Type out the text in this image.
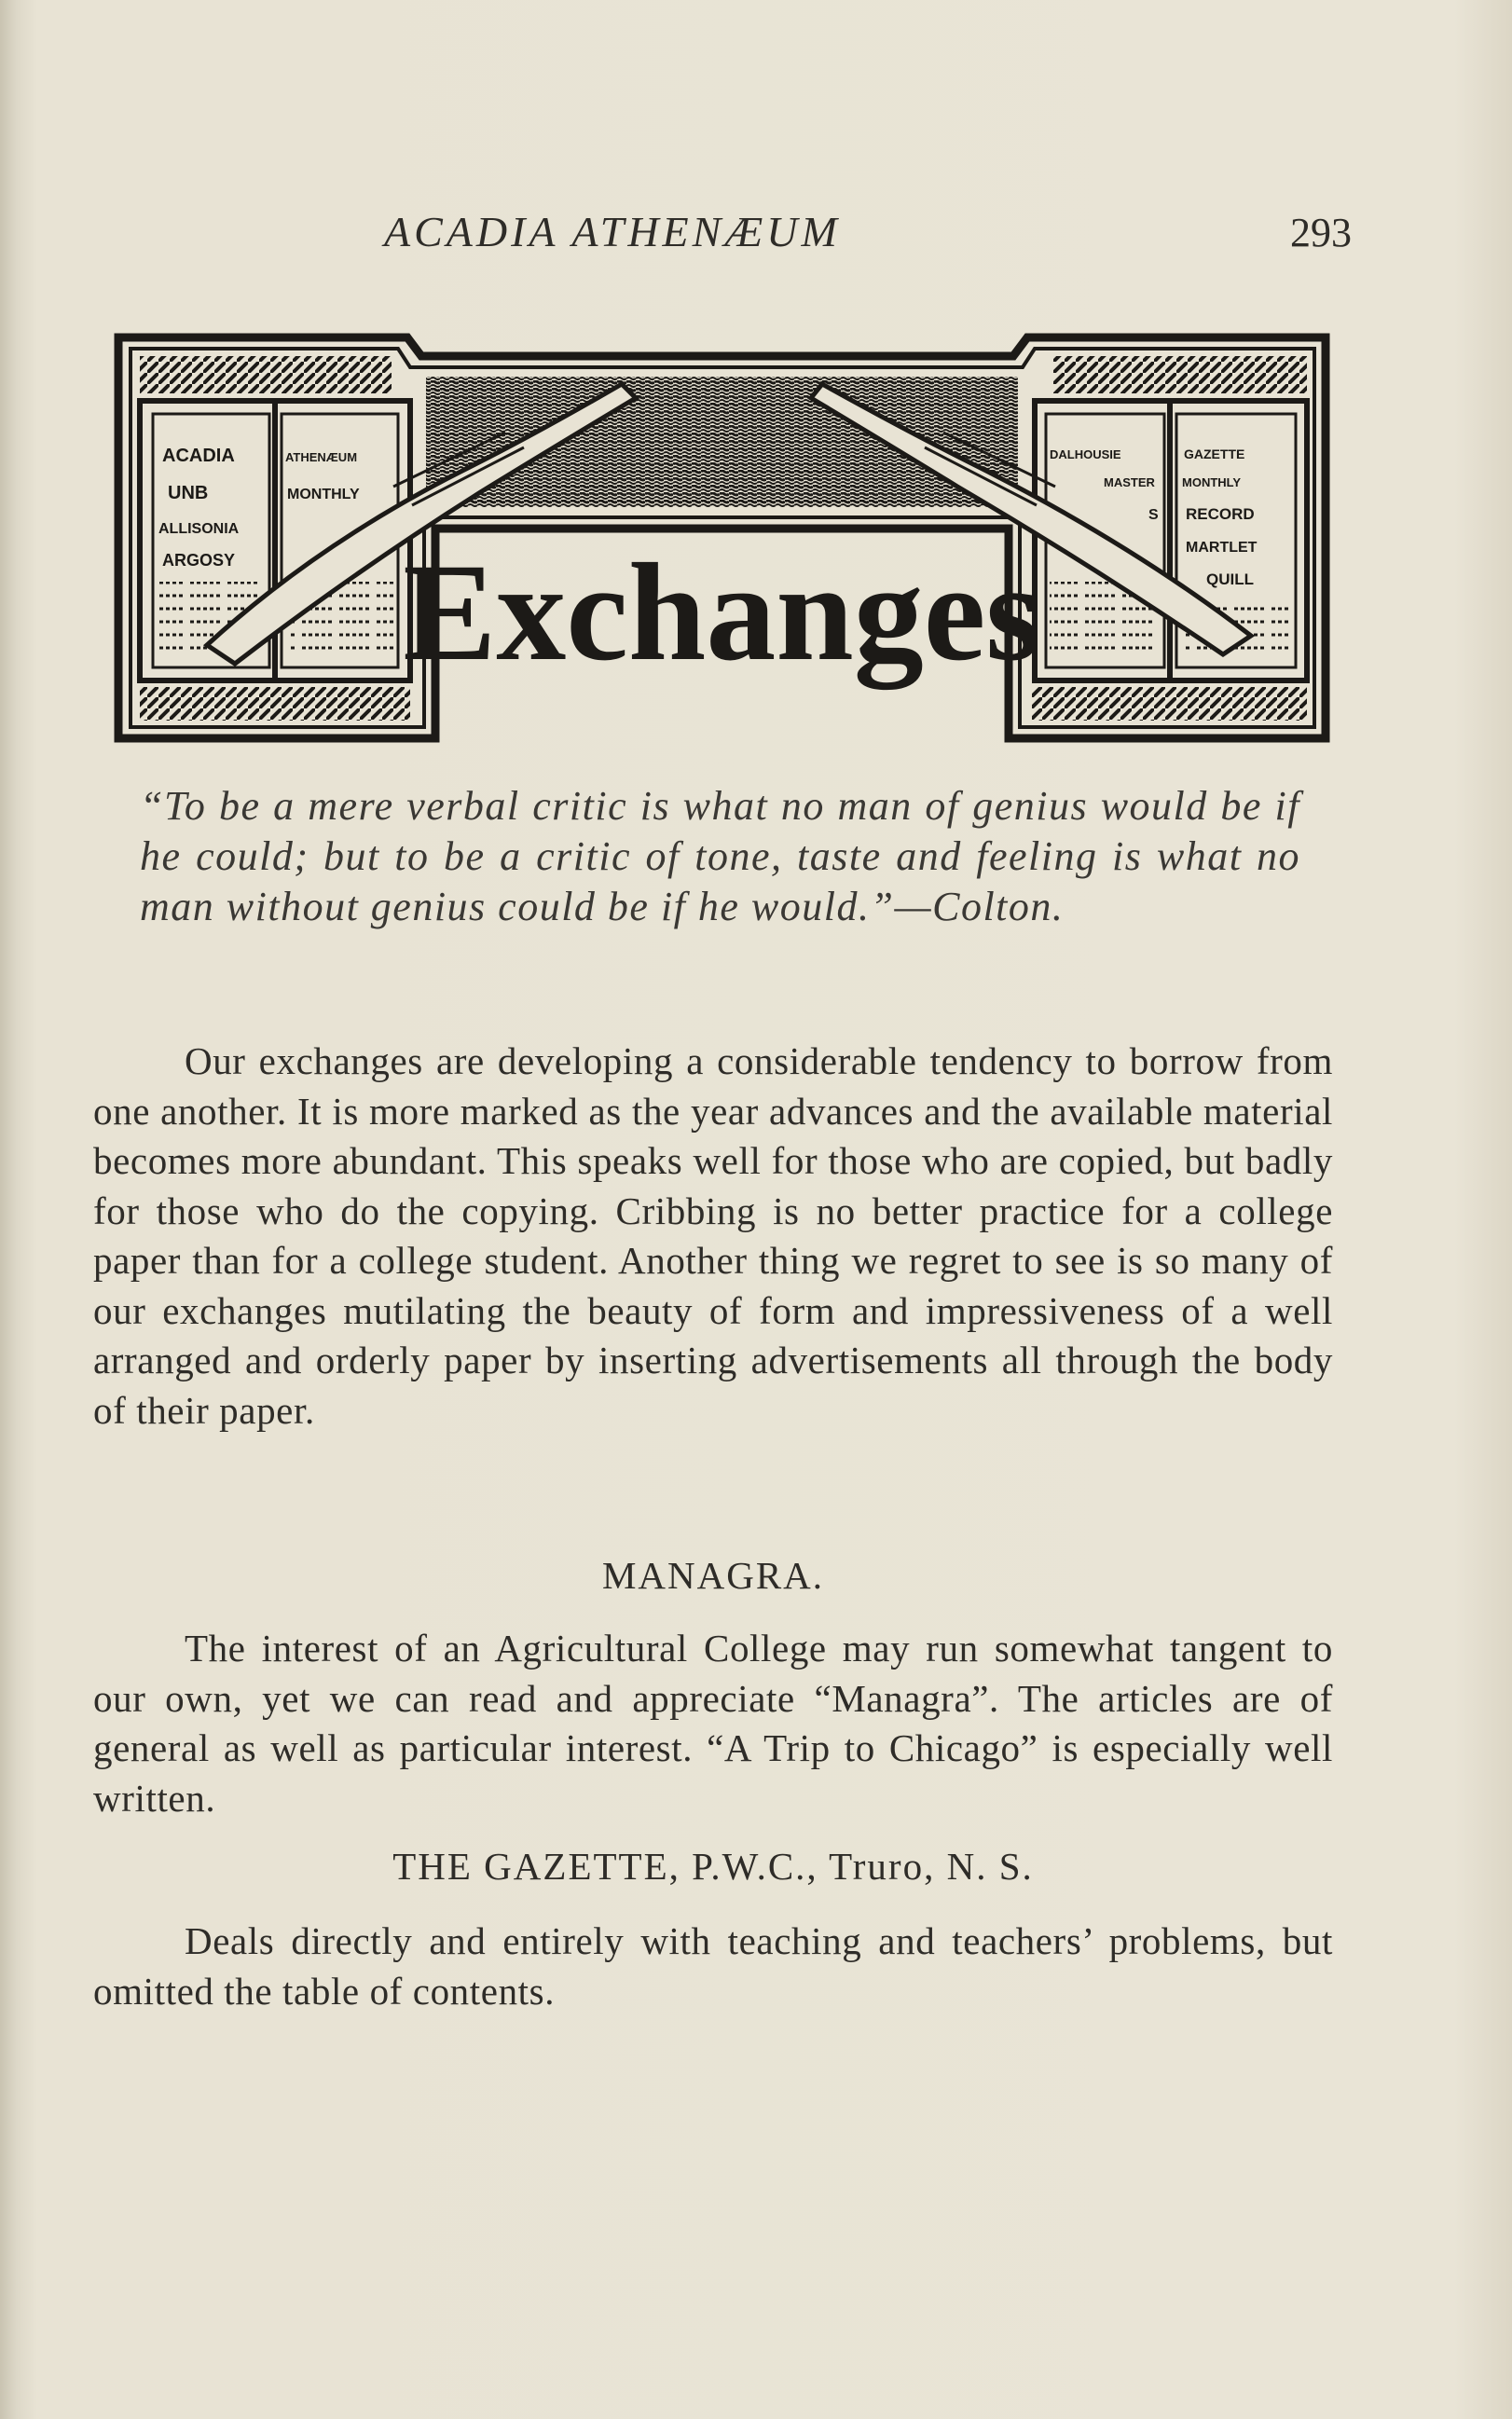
ACADIA ATHENÆUM	293
ACADIA
UNB
ALLISONIA
ARGOSY
ATHENÆUM
MONTHLY
DALHOUSIE
MASTER
S
GAZETTE
MONTHLY
RECORD
MARTLET
QUILL
Exchanges

“To be a mere verbal critic is what no man of genius would be if he could; but to be a critic of tone, taste and feeling is what no man without genius could be if he would.”—Colton.

Our exchanges are developing a considerable tendency to borrow from one another. It is more marked as the year advances and the available material becomes more abundant. This speaks well for those who are copied, but badly for those who do the copying. Cribbing is no better practice for a college paper than for a college student. Another thing we regret to see is so many of our exchanges mutilating the beauty of form and impressiveness of a well arranged and orderly paper by inserting advertisements all through the body of their paper.

MANAGRA.

The interest of an Agricultural College may run somewhat tangent to our own, yet we can read and appreciate “Managra”. The articles are of general as well as particular interest. “A Trip to Chicago” is especially well written.

THE GAZETTE, P.W.C., Truro, N. S.

Deals directly and entirely with teaching and teachers’ problems, but omitted the table of contents.
